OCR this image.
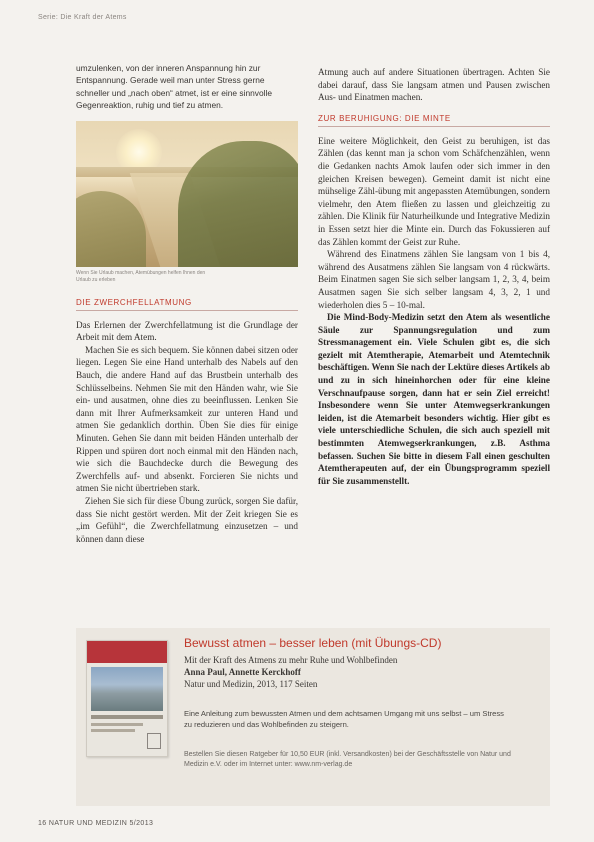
Serie: Die Kraft der Atems
umzulenken, von der inneren Anspannung hin zur Entspannung. Gerade weil man unter Stress gerne schneller und „nach oben“ atmet, ist er eine sinnvolle Gegenreaktion, ruhig und tief zu atmen.
Wenn Sie Urlaub machen, Atemübungen helfen Ihnen den Urlaub zu erleben
DIE ZWERCHFELLATMUNG

Das Erlernen der Zwerchfellatmung ist die Grundlage der Arbeit mit dem Atem.

Machen Sie es sich bequem. Sie können dabei sitzen oder liegen. Legen Sie eine Hand unterhalb des Nabels auf den Bauch, die andere Hand auf das Brustbein unterhalb des Schlüsselbeins. Nehmen Sie mit den Händen wahr, wie Sie ein- und ausatmen, ohne dies zu beeinflussen. Lenken Sie dann mit Ihrer Aufmerksamkeit zur unteren Hand und atmen Sie gedanklich dorthin. Üben Sie dies für einige Minuten. Gehen Sie dann mit beiden Händen unterhalb der Rippen und spüren dort noch einmal mit den Händen nach, wie sich die Bauchdecke durch die Bewegung des Zwerchfells auf- und absenkt. Forcieren Sie nichts und atmen Sie nicht übertrieben stark.

Ziehen Sie sich für diese Übung zurück, sorgen Sie dafür, dass Sie nicht gestört werden. Mit der Zeit kriegen Sie es „im Gefühl“, die Zwerchfellatmung einzusetzen – und können dann diese

Atmung auch auf andere Situationen übertragen. Achten Sie dabei darauf, dass Sie langsam atmen und Pausen zwischen Aus- und Einatmen machen.

ZUR BERUHIGUNG: DIE MINTE

Eine weitere Möglichkeit, den Geist zu beruhigen, ist das Zählen (das kennt man ja schon vom Schäfchenzählen, wenn die Gedanken nachts Amok laufen oder sich immer in den gleichen Kreisen bewegen). Gemeint damit ist nicht eine mühselige Zähl-übung mit angepassten Atemübungen, sondern vielmehr, den Atem fließen zu lassen und gleichzeitig zu zählen. Die Klinik für Naturheilkunde und Integrative Medizin in Essen setzt hier die Minte ein. Durch das Fokussieren auf das Zählen kommt der Geist zur Ruhe.

Während des Einatmens zählen Sie langsam von 1 bis 4, während des Ausatmens zählen Sie langsam von 4 rückwärts. Beim Einatmen sagen Sie sich selber langsam 1, 2, 3, 4, beim Ausatmen sagen Sie sich selber langsam 4, 3, 2, 1 und wiederholen dies 5 – 10-mal.

Die Mind-Body-Medizin setzt den Atem als wesentliche Säule zur Spannungsregulation und zum Stressmanagement ein. Viele Schulen gibt es, die sich gezielt mit Atemtherapie, Atemarbeit und Atemtechnik beschäftigen. Wenn Sie nach der Lektüre dieses Artikels ab und zu in sich hineinhorchen oder für eine kleine Verschnaufpause sorgen, dann hat er sein Ziel erreicht! Insbesondere wenn Sie unter Atemwegserkrankungen leiden, ist die Atemarbeit besonders wichtig. Hier gibt es viele unterschiedliche Schulen, die sich auch speziell mit bestimmten Atemwegserkrankungen, z.B. Asthma befassen. Suchen Sie bitte in diesem Fall einen geschulten Atemtherapeuten auf, der ein Übungsprogramm speziell für Sie zusammenstellt.

Bewusst atmen – besser leben (mit Übungs-CD)
Mit der Kraft des Atmens zu mehr Ruhe und Wohlbefinden
Anna Paul, Annette Kerckhoff
Natur und Medizin, 2013, 117 Seiten
Eine Anleitung zum bewussten Atmen und dem achtsamen Umgang mit uns selbst – um Stress zu reduzieren und das Wohlbefinden zu steigern.
Bestellen Sie diesen Ratgeber für 10,50 EUR (inkl. Versandkosten) bei der Geschäftsstelle von Natur und Medizin e.V. oder im Internet unter: www.nm-verlag.de
16 NATUR UND MEDIZIN 5/2013
